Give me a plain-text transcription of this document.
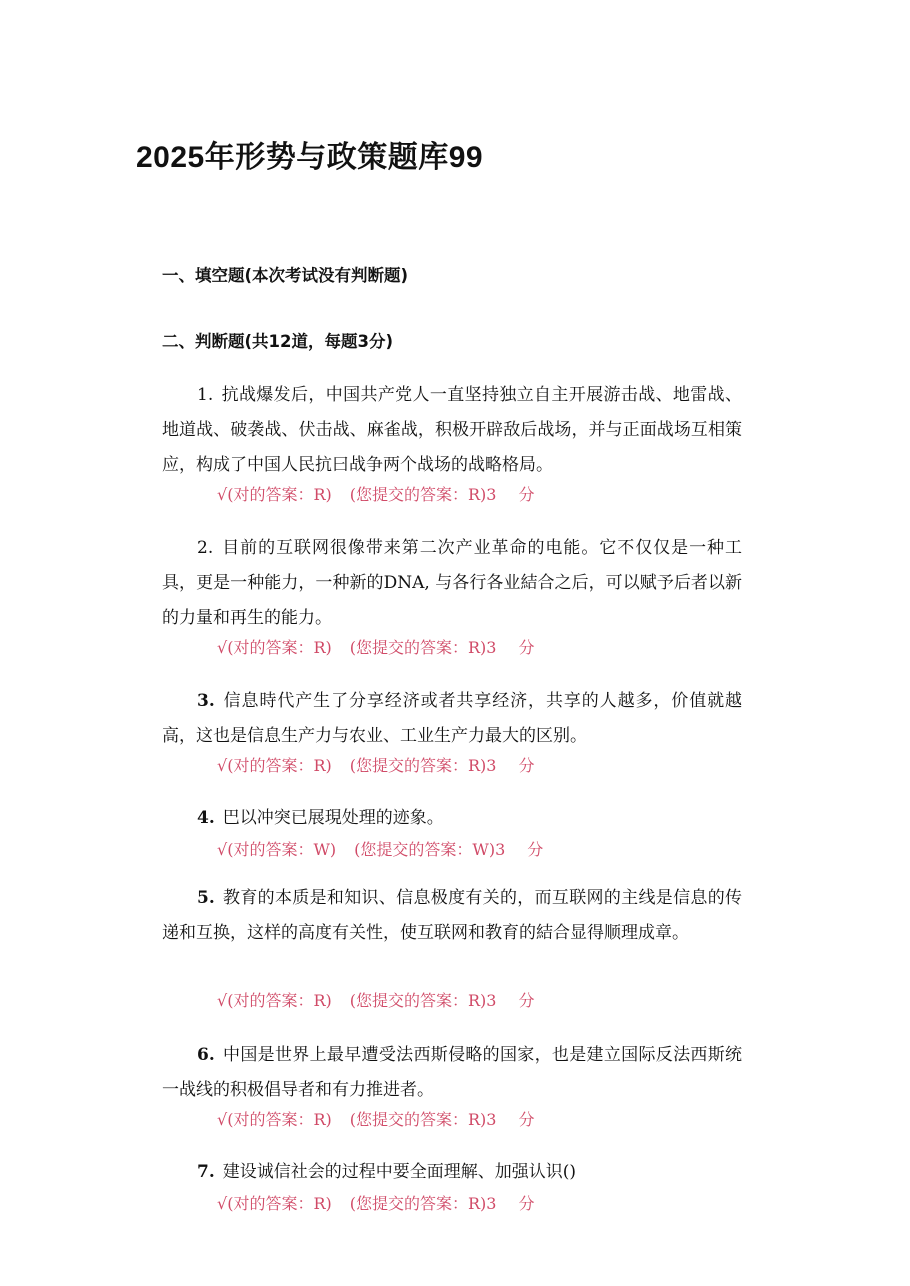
2025年形势与政策题库99

一、填空题(本次考试没有判断题)

二、判断题(共12道，每题3分)

1. 抗战爆发后，中国共产党人一直坚持独立自主开展游击战、地雷战、地道战、破袭战、伏击战、麻雀战，积极开辟敌后战场，并与正面战场互相策应，构成了中国人民抗曰战争两个战场的战略格局。

√(对的答案：R) (您提交的答案：R)3 分

2. 目前的互联网很像带来第二次产业革命的电能。它不仅仅是一种工具，更是一种能力，一种新的DNA, 与各行各业結合之后，可以赋予后者以新的力量和再生的能力。

√(对的答案：R) (您提交的答案：R)3 分

3. 信息時代产生了分享经济或者共享经济，共享的人越多，价值就越高，这也是信息生产力与农业、工业生产力最大的区别。

√(对的答案：R) (您提交的答案：R)3 分

4. 巴以冲突已展現处理的迹象。

√(对的答案：W) (您提交的答案：W)3 分

5. 教育的本质是和知识、信息极度有关的，而互联网的主线是信息的传递和互换，这样的高度有关性，使互联网和教育的結合显得顺理成章。

√(对的答案：R) (您提交的答案：R)3 分

6. 中国是世界上最早遭受法西斯侵略的国家，也是建立国际反法西斯统一战线的积极倡导者和有力推进者。

√(对的答案：R) (您提交的答案：R)3 分

7. 建设诚信社会的过程中要全面理解、加强认识()

√(对的答案：R) (您提交的答案：R)3 分
